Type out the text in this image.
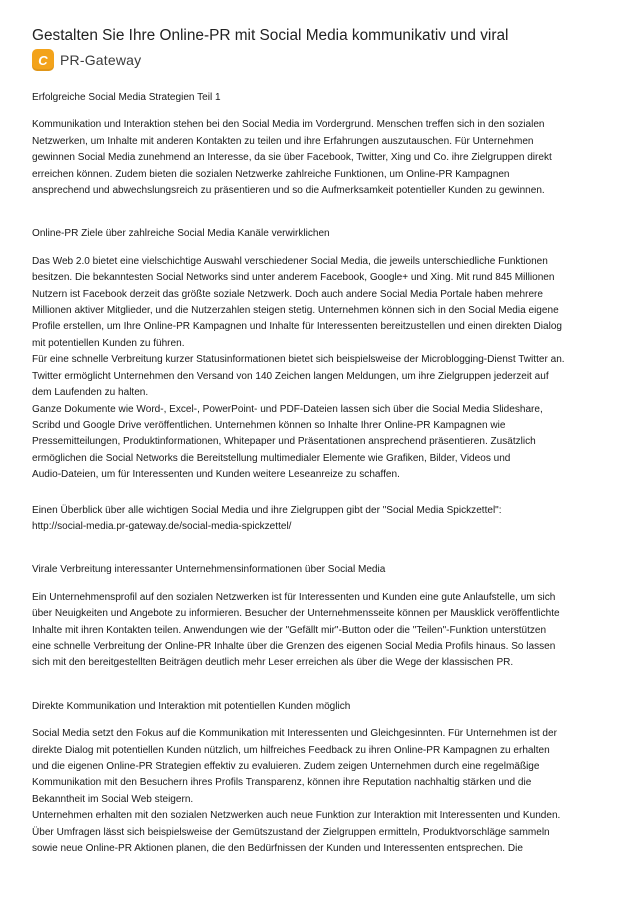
Gestalten Sie Ihre Online-PR mit Social Media kommunikativ und viral
C PR-Gateway

Erfolgreiche Social Media Strategien Teil 1

Kommunikation und Interaktion stehen bei den Social Media im Vordergrund. Menschen treffen sich in den sozialen
Netzwerken, um Inhalte mit anderen Kontakten zu teilen und ihre Erfahrungen auszutauschen. Für Unternehmen
gewinnen Social Media zunehmend an Interesse, da sie über Facebook, Twitter, Xing und Co. ihre Zielgruppen direkt
erreichen können. Zudem bieten die sozialen Netzwerke zahlreiche Funktionen, um Online-PR Kampagnen
ansprechend und abwechslungsreich zu präsentieren und so die Aufmerksamkeit potentieller Kunden zu gewinnen.

Online-PR Ziele über zahlreiche Social Media Kanäle verwirklichen

Das Web 2.0 bietet eine vielschichtige Auswahl verschiedener Social Media, die jeweils unterschiedliche Funktionen
besitzen. Die bekanntesten Social Networks sind unter anderem Facebook, Google+ und Xing. Mit rund 845 Millionen
Nutzern ist Facebook derzeit das größte soziale Netzwerk. Doch auch andere Social Media Portale haben mehrere
Millionen aktiver Mitglieder, und die Nutzerzahlen steigen stetig. Unternehmen können sich in den Social Media eigene
Profile erstellen, um Ihre Online-PR Kampagnen und Inhalte für Interessenten bereitzustellen und einen direkten Dialog
mit potentiellen Kunden zu führen.
Für eine schnelle Verbreitung kurzer Statusinformationen bietet sich beispielsweise der Microblogging-Dienst Twitter an.
Twitter ermöglicht Unternehmen den Versand von 140 Zeichen langen Meldungen, um ihre Zielgruppen jederzeit auf
dem Laufenden zu halten.
Ganze Dokumente wie Word-, Excel-, PowerPoint- und PDF-Dateien lassen sich über die Social Media Slideshare,
Scribd und Google Drive veröffentlichen. Unternehmen können so Inhalte Ihrer Online-PR Kampagnen wie
Pressemitteilungen, Produktinformationen, Whitepaper und Präsentationen ansprechend präsentieren. Zusätzlich
ermöglichen die Social Networks die Bereitstellung multimedialer Elemente wie Grafiken, Bilder, Videos und
Audio-Dateien, um für Interessenten und Kunden weitere Leseanreize zu schaffen.

Einen Überblick über alle wichtigen Social Media und ihre Zielgruppen gibt der "Social Media Spickzettel":
http://social-media.pr-gateway.de/social-media-spickzettel/

Virale Verbreitung interessanter Unternehmensinformationen über Social Media

Ein Unternehmensprofil auf den sozialen Netzwerken ist für Interessenten und Kunden eine gute Anlaufstelle, um sich
über Neuigkeiten und Angebote zu informieren. Besucher der Unternehmensseite können per Mausklick veröffentlichte
Inhalte mit ihren Kontakten teilen. Anwendungen wie der "Gefällt mir"-Button oder die "Teilen"-Funktion unterstützen
eine schnelle Verbreitung der Online-PR Inhalte über die Grenzen des eigenen Social Media Profils hinaus. So lassen
sich mit den bereitgestellten Beiträgen deutlich mehr Leser erreichen als über die Wege der klassischen PR.

Direkte Kommunikation und Interaktion mit potentiellen Kunden möglich

Social Media setzt den Fokus auf die Kommunikation mit Interessenten und Gleichgesinnten. Für Unternehmen ist der
direkte Dialog mit potentiellen Kunden nützlich, um hilfreiches Feedback zu ihren Online-PR Kampagnen zu erhalten
und die eigenen Online-PR Strategien effektiv zu evaluieren. Zudem zeigen Unternehmen durch eine regelmäßige
Kommunikation mit den Besuchern ihres Profils Transparenz, können ihre Reputation nachhaltig stärken und die
Bekanntheit im Social Web steigern.
Unternehmen erhalten mit den sozialen Netzwerken auch neue Funktion zur Interaktion mit Interessenten und Kunden.
Über Umfragen lässt sich beispielsweise der Gemütszustand der Zielgruppen ermitteln, Produktvorschläge sammeln
sowie neue Online-PR Aktionen planen, die den Bedürfnissen der Kunden und Interessenten entsprechen. Die
